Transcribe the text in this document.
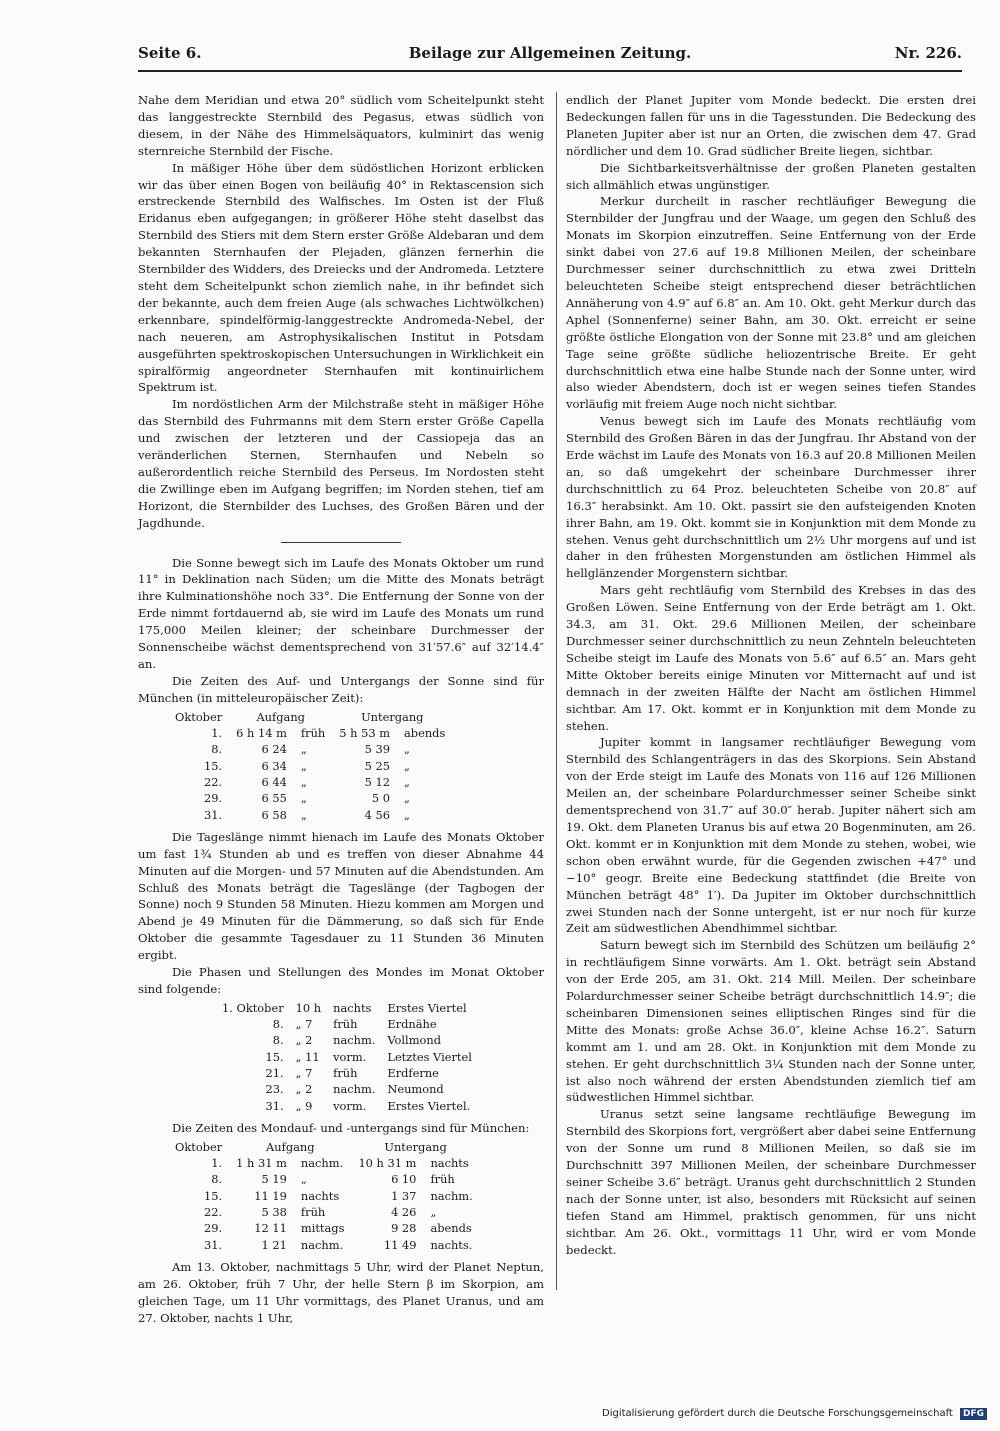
Seite 6.	Beilage zur Allgemeinen Zeitung.	Nr. 226.

Nahe dem Meridian und etwa 20° südlich vom Scheitelpunkt steht das langgestreckte Sternbild des Pegasus, etwas südlich von diesem, in der Nähe des Himmelsäquators, kulminirt das wenig sternreiche Sternbild der Fische.

In mäßiger Höhe über dem südöstlichen Horizont erblicken wir das über einen Bogen von beiläufig 40° in Rektascension sich erstreckende Sternbild des Walfisches. Im Osten ist der Fluß Eridanus eben aufgegangen; in größerer Höhe steht daselbst das Sternbild des Stiers mit dem Stern erster Größe Aldebaran und dem bekannten Sternhaufen der Plejaden, glänzen fernerhin die Sternbilder des Widders, des Dreiecks und der Andromeda. Letztere steht dem Scheitelpunkt schon ziemlich nahe, in ihr befindet sich der bekannte, auch dem freien Auge (als schwaches Lichtwölkchen) erkennbare, spindelförmig-langgestreckte Andromeda-Nebel, der nach neueren, am Astrophysikalischen Institut in Potsdam ausgeführten spektroskopischen Untersuchungen in Wirklichkeit ein spiralförmig angeordneter Sternhaufen mit kontinuirlichem Spektrum ist.

Im nordöstlichen Arm der Milchstraße steht in mäßiger Höhe das Sternbild des Fuhrmanns mit dem Stern erster Größe Capella und zwischen der letzteren und der Cassiopeja das an veränderlichen Sternen, Sternhaufen und Nebeln so außerordentlich reiche Sternbild des Perseus. Im Nordosten steht die Zwillinge eben im Aufgang begriffen; im Norden stehen, tief am Horizont, die Sternbilder des Luchses, des Großen Bären und der Jagdhunde.

Die Sonne bewegt sich im Laufe des Monats Oktober um rund 11° in Deklination nach Süden; um die Mitte des Monats beträgt ihre Kulminationshöhe noch 33°. Die Entfernung der Sonne von der Erde nimmt fortdauernd ab, sie wird im Laufe des Monats um rund 175,000 Meilen kleiner; der scheinbare Durchmesser der Sonnenscheibe wächst dementsprechend von 31′57.6″ auf 32′14.4″ an.

Die Zeiten des Auf- und Untergangs der Sonne sind für München (in mitteleuropäischer Zeit):

Oktober	Aufgang		Untergang	
1.	6 h 14 m	früh	5 h 53 m	abends
8.	6 24	„	5 39	„
15.	6 34	„	5 25	„
22.	6 44	„	5 12	„
29.	6 55	„	5 0	„
31.	6 58	„	4 56	„

Die Tageslänge nimmt hienach im Laufe des Monats Oktober um fast 1¾ Stunden ab und es treffen von dieser Abnahme 44 Minuten auf die Morgen- und 57 Minuten auf die Abendstunden. Am Schluß des Monats beträgt die Tageslänge (der Tagbogen der Sonne) noch 9 Stunden 58 Minuten. Hiezu kommen am Morgen und Abend je 49 Minuten für die Dämmerung, so daß sich für Ende Oktober die gesammte Tagesdauer zu 11 Stunden 36 Minuten ergibt.

Die Phasen und Stellungen des Mondes im Monat Oktober sind folgende:

1. Oktober	10 h	nachts	Erstes Viertel
8.	„ 7	früh	Erdnähe
8.	„ 2	nachm.	Vollmond
15.	„ 11	vorm.	Letztes Viertel
21.	„ 7	früh	Erdferne
23.	„ 2	nachm.	Neumond
31.	„ 9	vorm.	Erstes Viertel.

Die Zeiten des Mondauf- und -untergangs sind für München:

Oktober	Aufgang		Untergang	
1.	1 h 31 m	nachm.	10 h 31 m	nachts
8.	5 19	„	6 10	früh
15.	11 19	nachts	1 37	nachm.
22.	5 38	früh	4 26	„
29.	12 11	mittags	9 28	abends
31.	1 21	nachm.	11 49	nachts.

Am 13. Oktober, nachmittags 5 Uhr, wird der Planet Neptun, am 26. Oktober, früh 7 Uhr, der helle Stern β im Skorpion, am gleichen Tage, um 11 Uhr vormittags, des Planet Uranus, und am 27. Oktober, nachts 1 Uhr,

endlich der Planet Jupiter vom Monde bedeckt. Die ersten drei Bedeckungen fallen für uns in die Tagesstunden. Die Bedeckung des Planeten Jupiter aber ist nur an Orten, die zwischen dem 47. Grad nördlicher und dem 10. Grad südlicher Breite liegen, sichtbar.

Die Sichtbarkeitsverhältnisse der großen Planeten gestalten sich allmählich etwas ungünstiger.

Merkur durcheilt in rascher rechtläufiger Bewegung die Sternbilder der Jungfrau und der Waage, um gegen den Schluß des Monats im Skorpion einzutreffen. Seine Entfernung von der Erde sinkt dabei von 27.6 auf 19.8 Millionen Meilen, der scheinbare Durchmesser seiner durchschnittlich zu etwa zwei Dritteln beleuchteten Scheibe steigt entsprechend dieser beträchtlichen Annäherung von 4.9″ auf 6.8″ an. Am 10. Okt. geht Merkur durch das Aphel (Sonnenferne) seiner Bahn, am 30. Okt. erreicht er seine größte östliche Elongation von der Sonne mit 23.8° und am gleichen Tage seine größte südliche heliozentrische Breite. Er geht durchschnittlich etwa eine halbe Stunde nach der Sonne unter, wird also wieder Abendstern, doch ist er wegen seines tiefen Standes vorläufig mit freiem Auge noch nicht sichtbar.

Venus bewegt sich im Laufe des Monats rechtläufig vom Sternbild des Großen Bären in das der Jungfrau. Ihr Abstand von der Erde wächst im Laufe des Monats von 16.3 auf 20.8 Millionen Meilen an, so daß umgekehrt der scheinbare Durchmesser ihrer durchschnittlich zu 64 Proz. beleuchteten Scheibe von 20.8″ auf 16.3″ herabsinkt. Am 10. Okt. passirt sie den aufsteigenden Knoten ihrer Bahn, am 19. Okt. kommt sie in Konjunktion mit dem Monde zu stehen. Venus geht durchschnittlich um 2½ Uhr morgens auf und ist daher in den frühesten Morgenstunden am östlichen Himmel als hellglänzender Morgenstern sichtbar.

Mars geht rechtläufig vom Sternbild des Krebses in das des Großen Löwen. Seine Entfernung von der Erde beträgt am 1. Okt. 34.3, am 31. Okt. 29.6 Millionen Meilen, der scheinbare Durchmesser seiner durchschnittlich zu neun Zehnteln beleuchteten Scheibe steigt im Laufe des Monats von 5.6″ auf 6.5″ an. Mars geht Mitte Oktober bereits einige Minuten vor Mitternacht auf und ist demnach in der zweiten Hälfte der Nacht am östlichen Himmel sichtbar. Am 17. Okt. kommt er in Konjunktion mit dem Monde zu stehen.

Jupiter kommt in langsamer rechtläufiger Bewegung vom Sternbild des Schlangenträgers in das des Skorpions. Sein Abstand von der Erde steigt im Laufe des Monats von 116 auf 126 Millionen Meilen an, der scheinbare Polardurchmesser seiner Scheibe sinkt dementsprechend von 31.7″ auf 30.0″ herab. Jupiter nähert sich am 19. Okt. dem Planeten Uranus bis auf etwa 20 Bogenminuten, am 26. Okt. kommt er in Konjunktion mit dem Monde zu stehen, wobei, wie schon oben erwähnt wurde, für die Gegenden zwischen +47° und −10° geogr. Breite eine Bedeckung stattfindet (die Breite von München beträgt 48° 1′). Da Jupiter im Oktober durchschnittlich zwei Stunden nach der Sonne untergeht, ist er nur noch für kurze Zeit am südwestlichen Abendhimmel sichtbar.

Saturn bewegt sich im Sternbild des Schützen um beiläufig 2° in rechtläufigem Sinne vorwärts. Am 1. Okt. beträgt sein Abstand von der Erde 205, am 31. Okt. 214 Mill. Meilen. Der scheinbare Polardurchmesser seiner Scheibe beträgt durchschnittlich 14.9″; die scheinbaren Dimensionen seines elliptischen Ringes sind für die Mitte des Monats: große Achse 36.0″, kleine Achse 16.2″. Saturn kommt am 1. und am 28. Okt. in Konjunktion mit dem Monde zu stehen. Er geht durchschnittlich 3¼ Stunden nach der Sonne unter, ist also noch während der ersten Abendstunden ziemlich tief am südwestlichen Himmel sichtbar.

Uranus setzt seine langsame rechtläufige Bewegung im Sternbild des Skorpions fort, vergrößert aber dabei seine Entfernung von der Sonne um rund 8 Millionen Meilen, so daß sie im Durchschnitt 397 Millionen Meilen, der scheinbare Durchmesser seiner Scheibe 3.6″ beträgt. Uranus geht durchschnittlich 2 Stunden nach der Sonne unter, ist also, besonders mit Rücksicht auf seinen tiefen Stand am Himmel, praktisch genommen, für uns nicht sichtbar. Am 26. Okt., vormittags 11 Uhr, wird er vom Monde bedeckt.

Digitalisierung gefördert durch die Deutsche Forschungsgemeinschaft DFG
